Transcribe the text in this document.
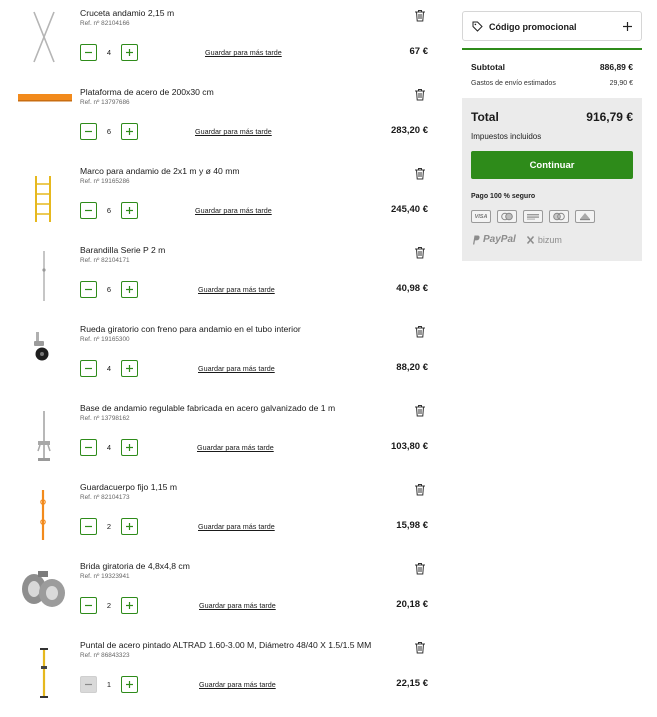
Cruceta andamio 2,15 m
Ref. nº 82104166
4
Guardar para más tarde	67 €
Plataforma de acero de 200x30 cm
Ref. nº 13797686
6
Guardar para más tarde	283,20 €
Marco para andamio de 2x1 m y ø 40 mm
Ref. nº 19165286
6
Guardar para más tarde	245,40 €
Barandilla Serie P 2 m
Ref. nº 82104171
6
Guardar para más tarde	40,98 €
Rueda giratorio con freno para andamio en el tubo interior
Ref. nº 19165300
4
Guardar para más tarde	88,20 €
Base de andamio regulable fabricada en acero galvanizado de 1 m
Ref. nº 13798162
4
Guardar para más tarde	103,80 €
Guardacuerpo fijo 1,15 m
Ref. nº 82104173
2
Guardar para más tarde	15,98 €
Brida giratoria de 4,8x4,8 cm
Ref. nº 19323941
2
Guardar para más tarde	20,18 €
Puntal de acero pintado ALTRAD 1.60-3.00 M, Diámetro 48/40 X 1.5/1.5 MM
Ref. nº 86843323
1
Guardar para más tarde	22,15 €
Código promocional
Subtotal	886,89 €
Gastos de envío estimados	29,90 €
Total	916,79 €
Impuestos incluidos
Continuar
Pago 100 % seguro
VISA
PayPal bizum
